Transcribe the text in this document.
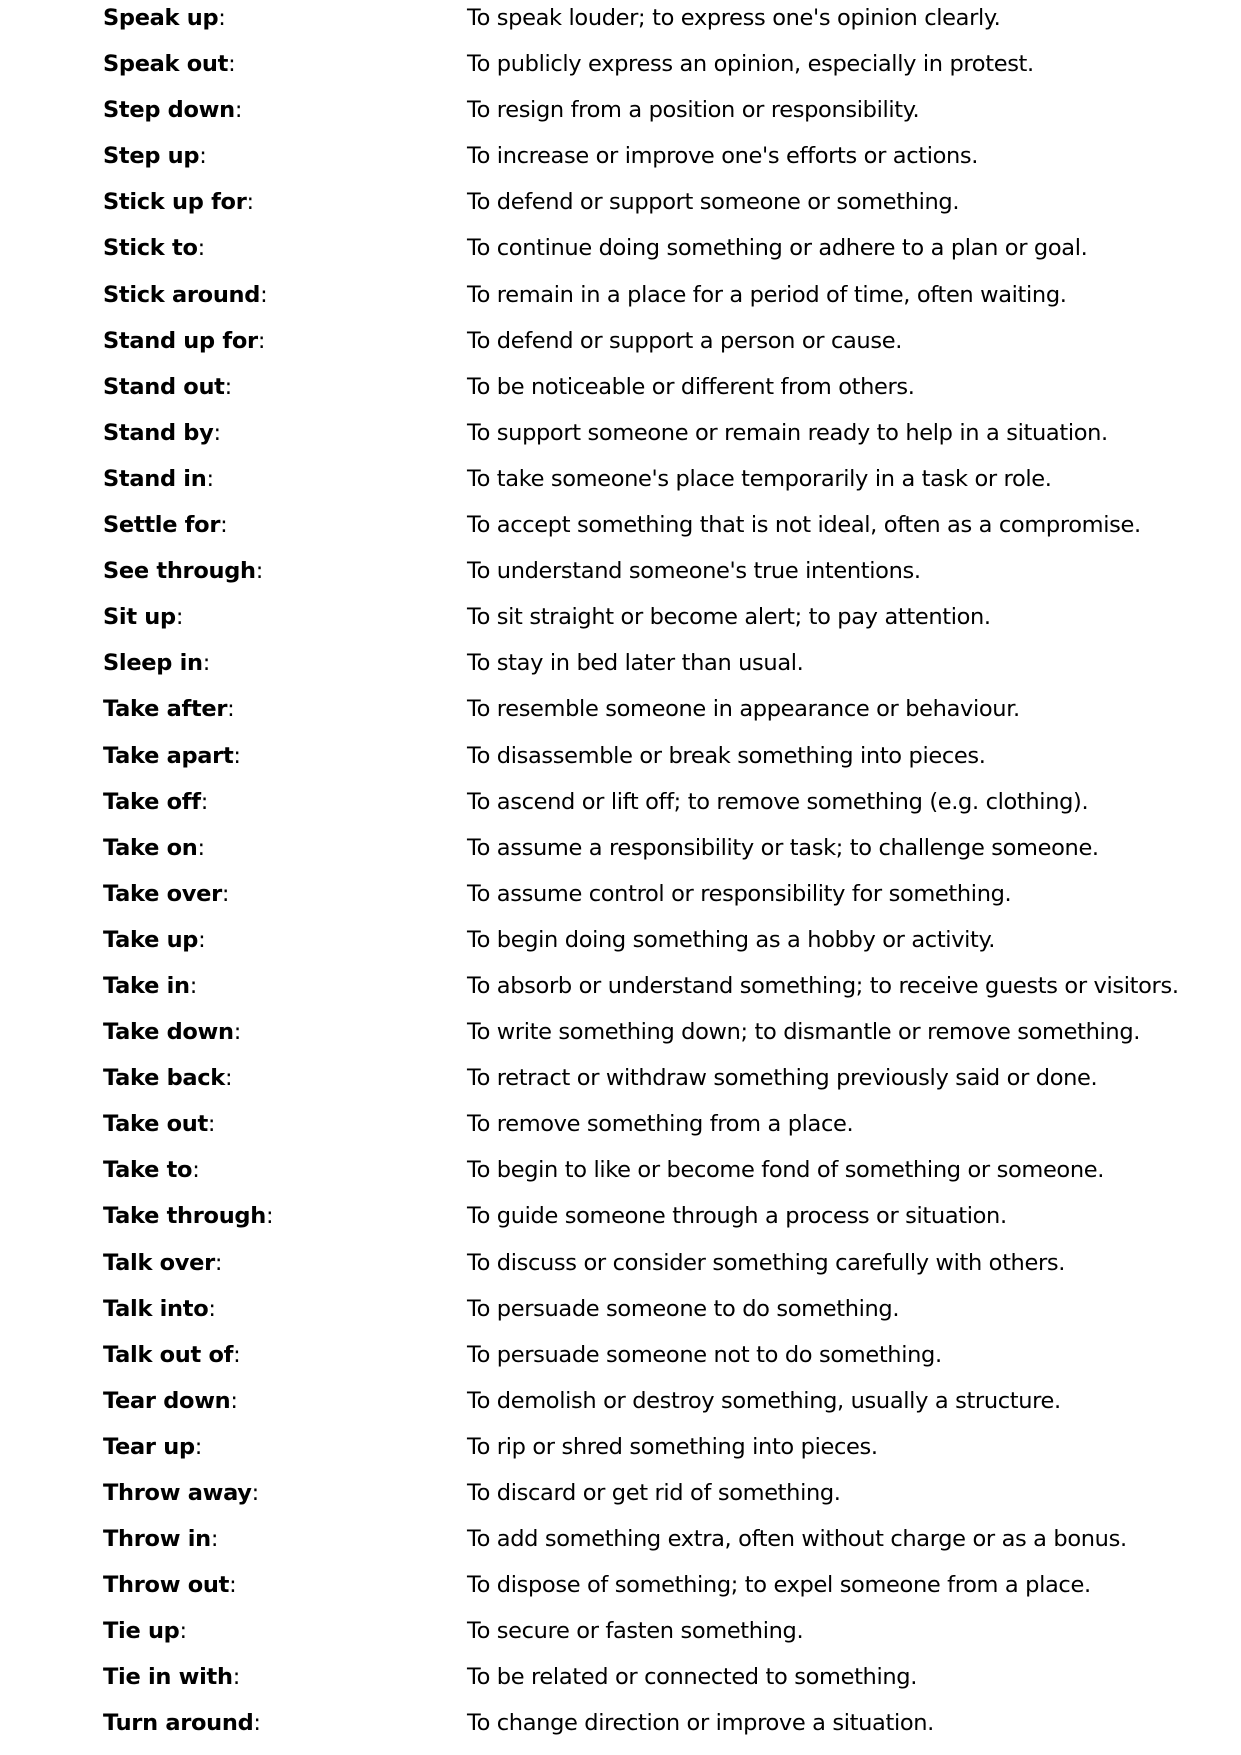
Speak up:	To speak louder; to express one's opinion clearly.
Speak out:	To publicly express an opinion, especially in protest.
Step down:	To resign from a position or responsibility.
Step up:	To increase or improve one's efforts or actions.
Stick up for:	To defend or support someone or something.
Stick to:	To continue doing something or adhere to a plan or goal.
Stick around:	To remain in a place for a period of time, often waiting.
Stand up for:	To defend or support a person or cause.
Stand out:	To be noticeable or different from others.
Stand by:	To support someone or remain ready to help in a situation.
Stand in:	To take someone's place temporarily in a task or role.
Settle for:	To accept something that is not ideal, often as a compromise.
See through:	To understand someone's true intentions.
Sit up:	To sit straight or become alert; to pay attention.
Sleep in:	To stay in bed later than usual.
Take after:	To resemble someone in appearance or behaviour.
Take apart:	To disassemble or break something into pieces.
Take off:	To ascend or lift off; to remove something (e.g. clothing).
Take on:	To assume a responsibility or task; to challenge someone.
Take over:	To assume control or responsibility for something.
Take up:	To begin doing something as a hobby or activity.
Take in:	To absorb or understand something; to receive guests or visitors.
Take down:	To write something down; to dismantle or remove something.
Take back:	To retract or withdraw something previously said or done.
Take out:	To remove something from a place.
Take to:	To begin to like or become fond of something or someone.
Take through:	To guide someone through a process or situation.
Talk over:	To discuss or consider something carefully with others.
Talk into:	To persuade someone to do something.
Talk out of:	To persuade someone not to do something.
Tear down:	To demolish or destroy something, usually a structure.
Tear up:	To rip or shred something into pieces.
Throw away:	To discard or get rid of something.
Throw in:	To add something extra, often without charge or as a bonus.
Throw out:	To dispose of something; to expel someone from a place.
Tie up:	To secure or fasten something.
Tie in with:	To be related or connected to something.
Turn around:	To change direction or improve a situation.
